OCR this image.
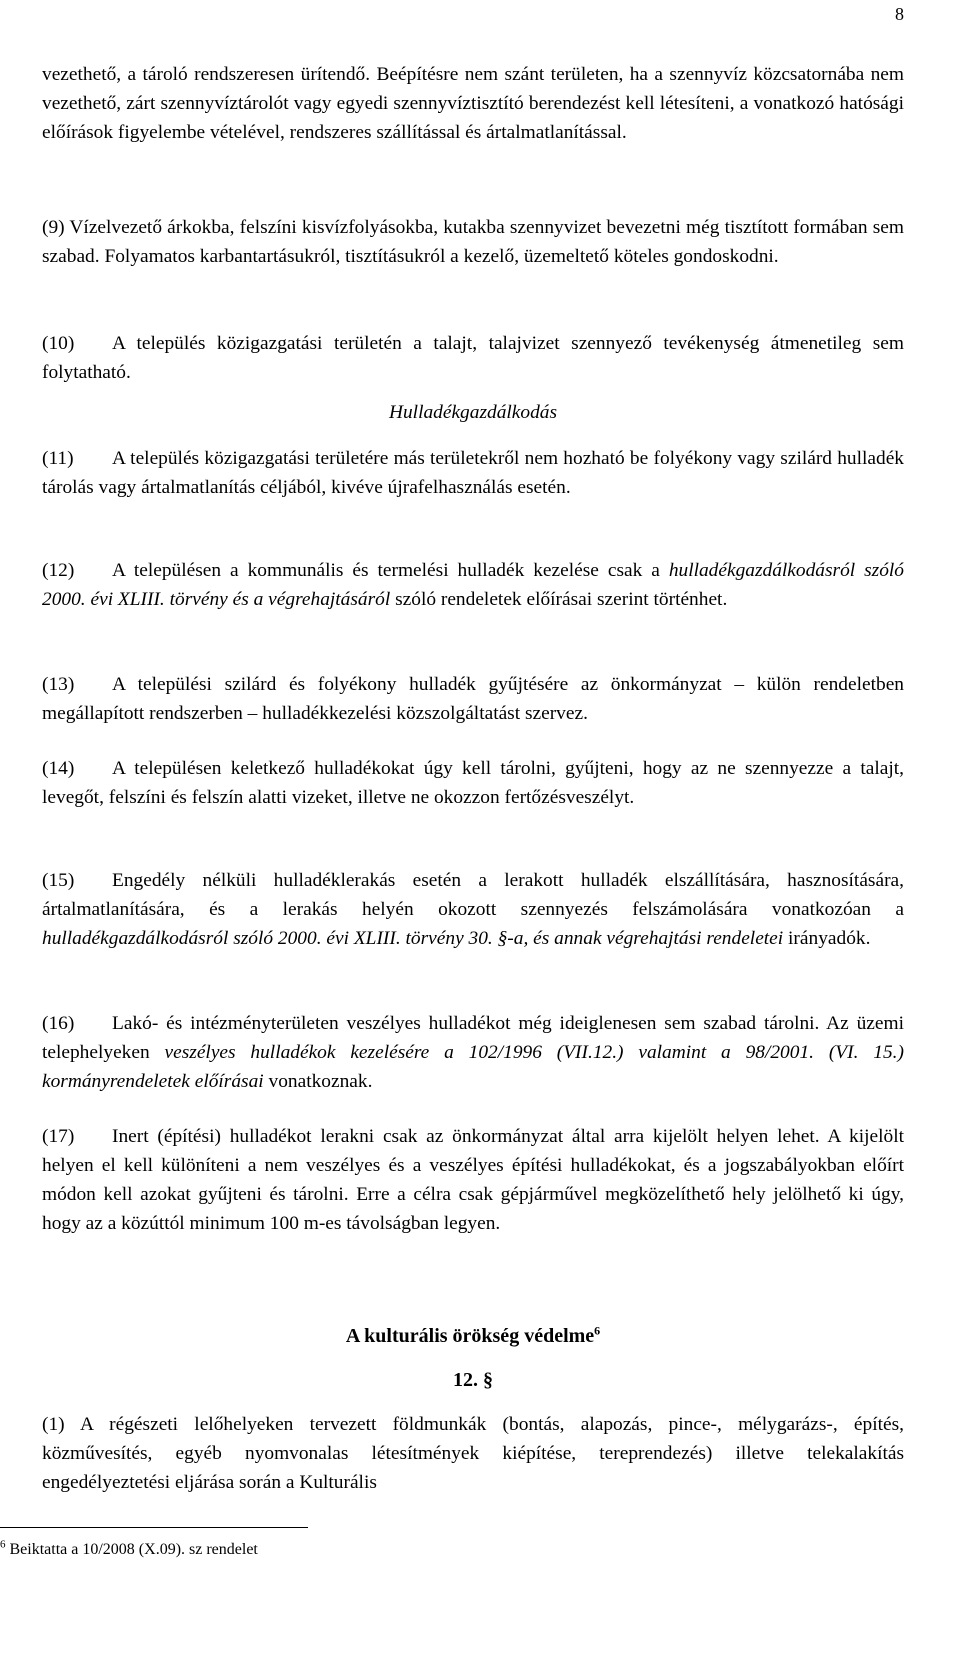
8
vezethető, a tároló rendszeresen ürítendő. Beépítésre nem szánt területen, ha a szennyvíz közcsatornába nem vezethető, zárt szennyvíztárolót vagy egyedi szennyvíztisztító berendezést kell létesíteni, a vonatkozó hatósági előírások figyelembe vételével, rendszeres szállítással és ártalmatlanítással.
(9) Vízelvezető árkokba, felszíni kisvízfolyásokba, kutakba szennyvizet bevezetni még tisztított formában sem szabad. Folyamatos karbantartásukról, tisztításukról a kezelő, üzemeltető köteles gondoskodni.
(10) A település közigazgatási területén a talajt, talajvizet szennyező tevékenység átmenetileg sem folytatható.
Hulladékgazdálkodás
(11) A település közigazgatási területére más területekről nem hozható be folyékony vagy szilárd hulladék tárolás vagy ártalmatlanítás céljából, kivéve újrafelhasználás esetén.
(12) A településen a kommunális és termelési hulladék kezelése csak a hulladékgazdálkodásról szóló 2000. évi XLIII. törvény és a végrehajtásáról szóló rendeletek előírásai szerint történhet.
(13) A települési szilárd és folyékony hulladék gyűjtésére az önkormányzat – külön rendeletben megállapított rendszerben – hulladékkezelési közszolgáltatást szervez.
(14) A településen keletkező hulladékokat úgy kell tárolni, gyűjteni, hogy az ne szennyezze a talajt, levegőt, felszíni és felszín alatti vizeket, illetve ne okozzon fertőzésveszélyt.
(15) Engedély nélküli hulladéklerakás esetén a lerakott hulladék elszállítására, hasznosítására, ártalmatlanítására, és a lerakás helyén okozott szennyezés felszámolására vonatkozóan a hulladékgazdálkodásról szóló 2000. évi XLIII. törvény 30. §-a, és annak végrehajtási rendeletei irányadók.
(16) Lakó- és intézményterületen veszélyes hulladékot még ideiglenesen sem szabad tárolni. Az üzemi telephelyeken veszélyes hulladékok kezelésére a 102/1996 (VII.12.) valamint a 98/2001. (VI. 15.) kormányrendeletek előírásai vonatkoznak.
(17) Inert (építési) hulladékot lerakni csak az önkormányzat által arra kijelölt helyen lehet. A kijelölt helyen el kell különíteni a nem veszélyes és a veszélyes építési hulladékokat, és a jogszabályokban előírt módon kell azokat gyűjteni és tárolni. Erre a célra csak gépjárművel megközelíthető hely jelölhető ki úgy, hogy az a közúttól minimum 100 m-es távolságban legyen.
A kulturális örökség védelme$^6$
12. §
(1) A régészeti lelőhelyeken tervezett földmunkák (bontás, alapozás, pince-, mélygarázs-, építés, közművesítés, egyéb nyomvonalas létesítmények kiépítése, tereprendezés) illetve telekalakítás engedélyeztetési eljárása során a Kulturális
$^6$ Beiktatta a 10/2008 (X.09). sz rendelet
